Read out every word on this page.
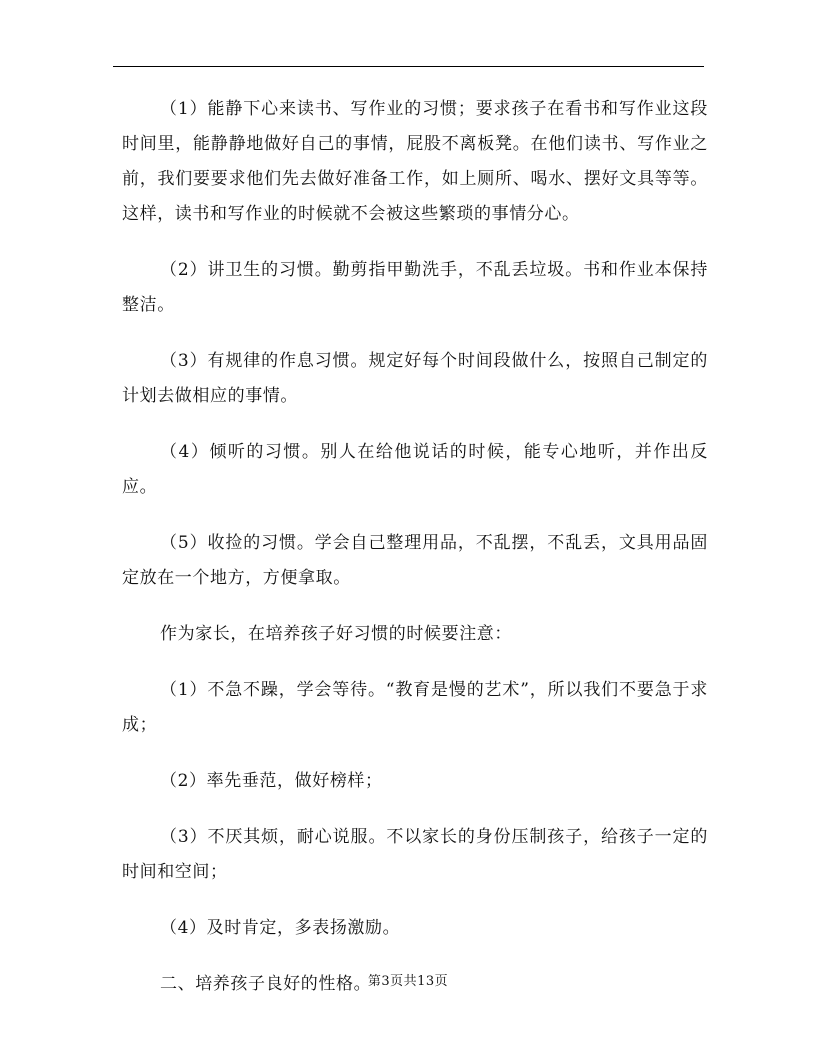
（1）能静下心来读书、写作业的习惯；要求孩子在看书和写作业这段时间里，能静静地做好自己的事情，屁股不离板凳。在他们读书、写作业之前，我们要要求他们先去做好准备工作，如上厕所、喝水、摆好文具等等。这样，读书和写作业的时候就不会被这些繁琐的事情分心。

（2）讲卫生的习惯。勤剪指甲勤洗手，不乱丢垃圾。书和作业本保持整洁。

（3）有规律的作息习惯。规定好每个时间段做什么，按照自己制定的计划去做相应的事情。

（4）倾听的习惯。别人在给他说话的时候，能专心地听，并作出反应。

（5）收捡的习惯。学会自己整理用品，不乱摆，不乱丢，文具用品固定放在一个地方，方便拿取。

作为家长，在培养孩子好习惯的时候要注意：

（1）不急不躁，学会等待。“教育是慢的艺术”，所以我们不要急于求成；

（2）率先垂范，做好榜样；

（3）不厌其烦，耐心说服。不以家长的身份压制孩子，给孩子一定的时间和空间；

（4）及时肯定，多表扬激励。

二、培养孩子良好的性格。

第3页共13页
